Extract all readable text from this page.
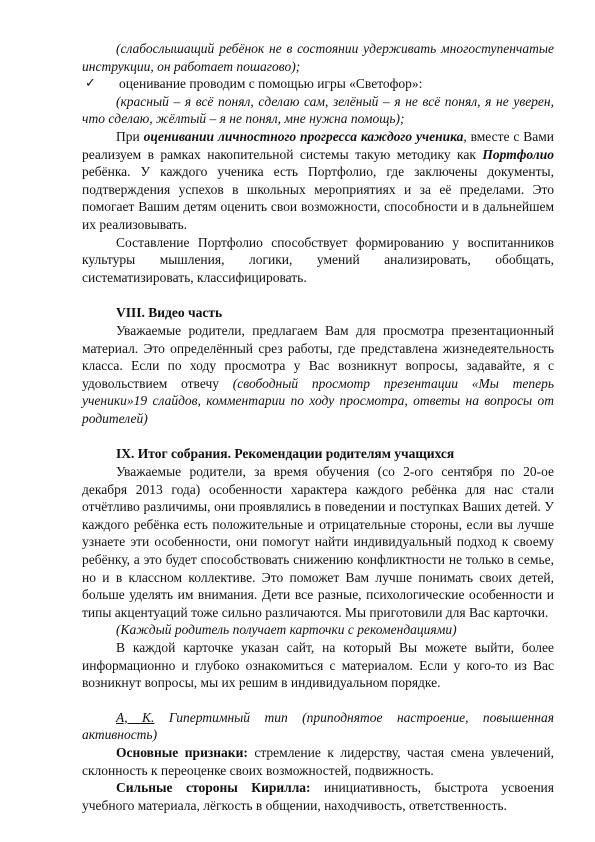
(слабослышащий ребёнок не в состоянии удерживать многоступенчатые инструкции, он работает пошагово);

✓	оценивание проводим с помощью игры «Светофор»:

(красный – я всё понял, сделаю сам, зелёный – я не всё понял, я не уверен, что сделаю, жёлтый – я не понял, мне нужна помощь);

При оценивании личностного прогресса каждого ученика, вместе с Вами реализуем в рамках накопительной системы такую методику как Портфолио ребёнка. У каждого ученика есть Портфолио, где заключены документы, подтверждения успехов в школьных мероприятиях и за её пределами. Это помогает Вашим детям оценить свои возможности, способности и в дальнейшем их реализовывать.

Составление Портфолио способствует формированию у воспитанников культуры мышления, логики, умений анализировать, обобщать, систематизировать, классифицировать.

VIII. Видео часть

Уважаемые родители, предлагаем Вам для просмотра презентационный материал. Это определённый срез работы, где представлена жизнедеятельность класса. Если по ходу просмотра у Вас возникнут вопросы, задавайте, я с удовольствием отвечу (свободный просмотр презентации «Мы теперь ученики»19 слайдов, комментарии по ходу просмотра, ответы на вопросы от родителей)

IX. Итог собрания. Рекомендации родителям учащихся

Уважаемые родители, за время обучения (со 2-ого сентября по 20-ое декабря 2013 года) особенности характера каждого ребёнка для нас стали отчётливо различимы, они проявлялись в поведении и поступках Ваших детей. У каждого ребёнка есть положительные и отрицательные стороны, если вы лучше узнаете эти особенности, они помогут найти индивидуальный подход к своему ребёнку, а это будет способствовать снижению конфликтности не только в семье, но и в классном коллективе. Это поможет Вам лучше понимать своих детей, больше уделять им внимания. Дети все разные, психологические особенности и типы акцентуаций тоже сильно различаются. Мы приготовили для Вас карточки.

(Каждый родитель получает карточки с рекомендациями)

В каждой карточке указан сайт, на который Вы можете выйти, более информационно и глубоко ознакомиться с материалом. Если у кого-то из Вас возникнут вопросы, мы их решим в индивидуальном порядке.

А, К. Гипертимный тип (приподнятое настроение, повышенная активность)

Основные признаки: стремление к лидерству, частая смена увлечений, склонность к переоценке своих возможностей, подвижность.

Сильные стороны Кирилла: инициативность, быстрота усвоения учебного материала, лёгкость в общении, находчивость, ответственность.
